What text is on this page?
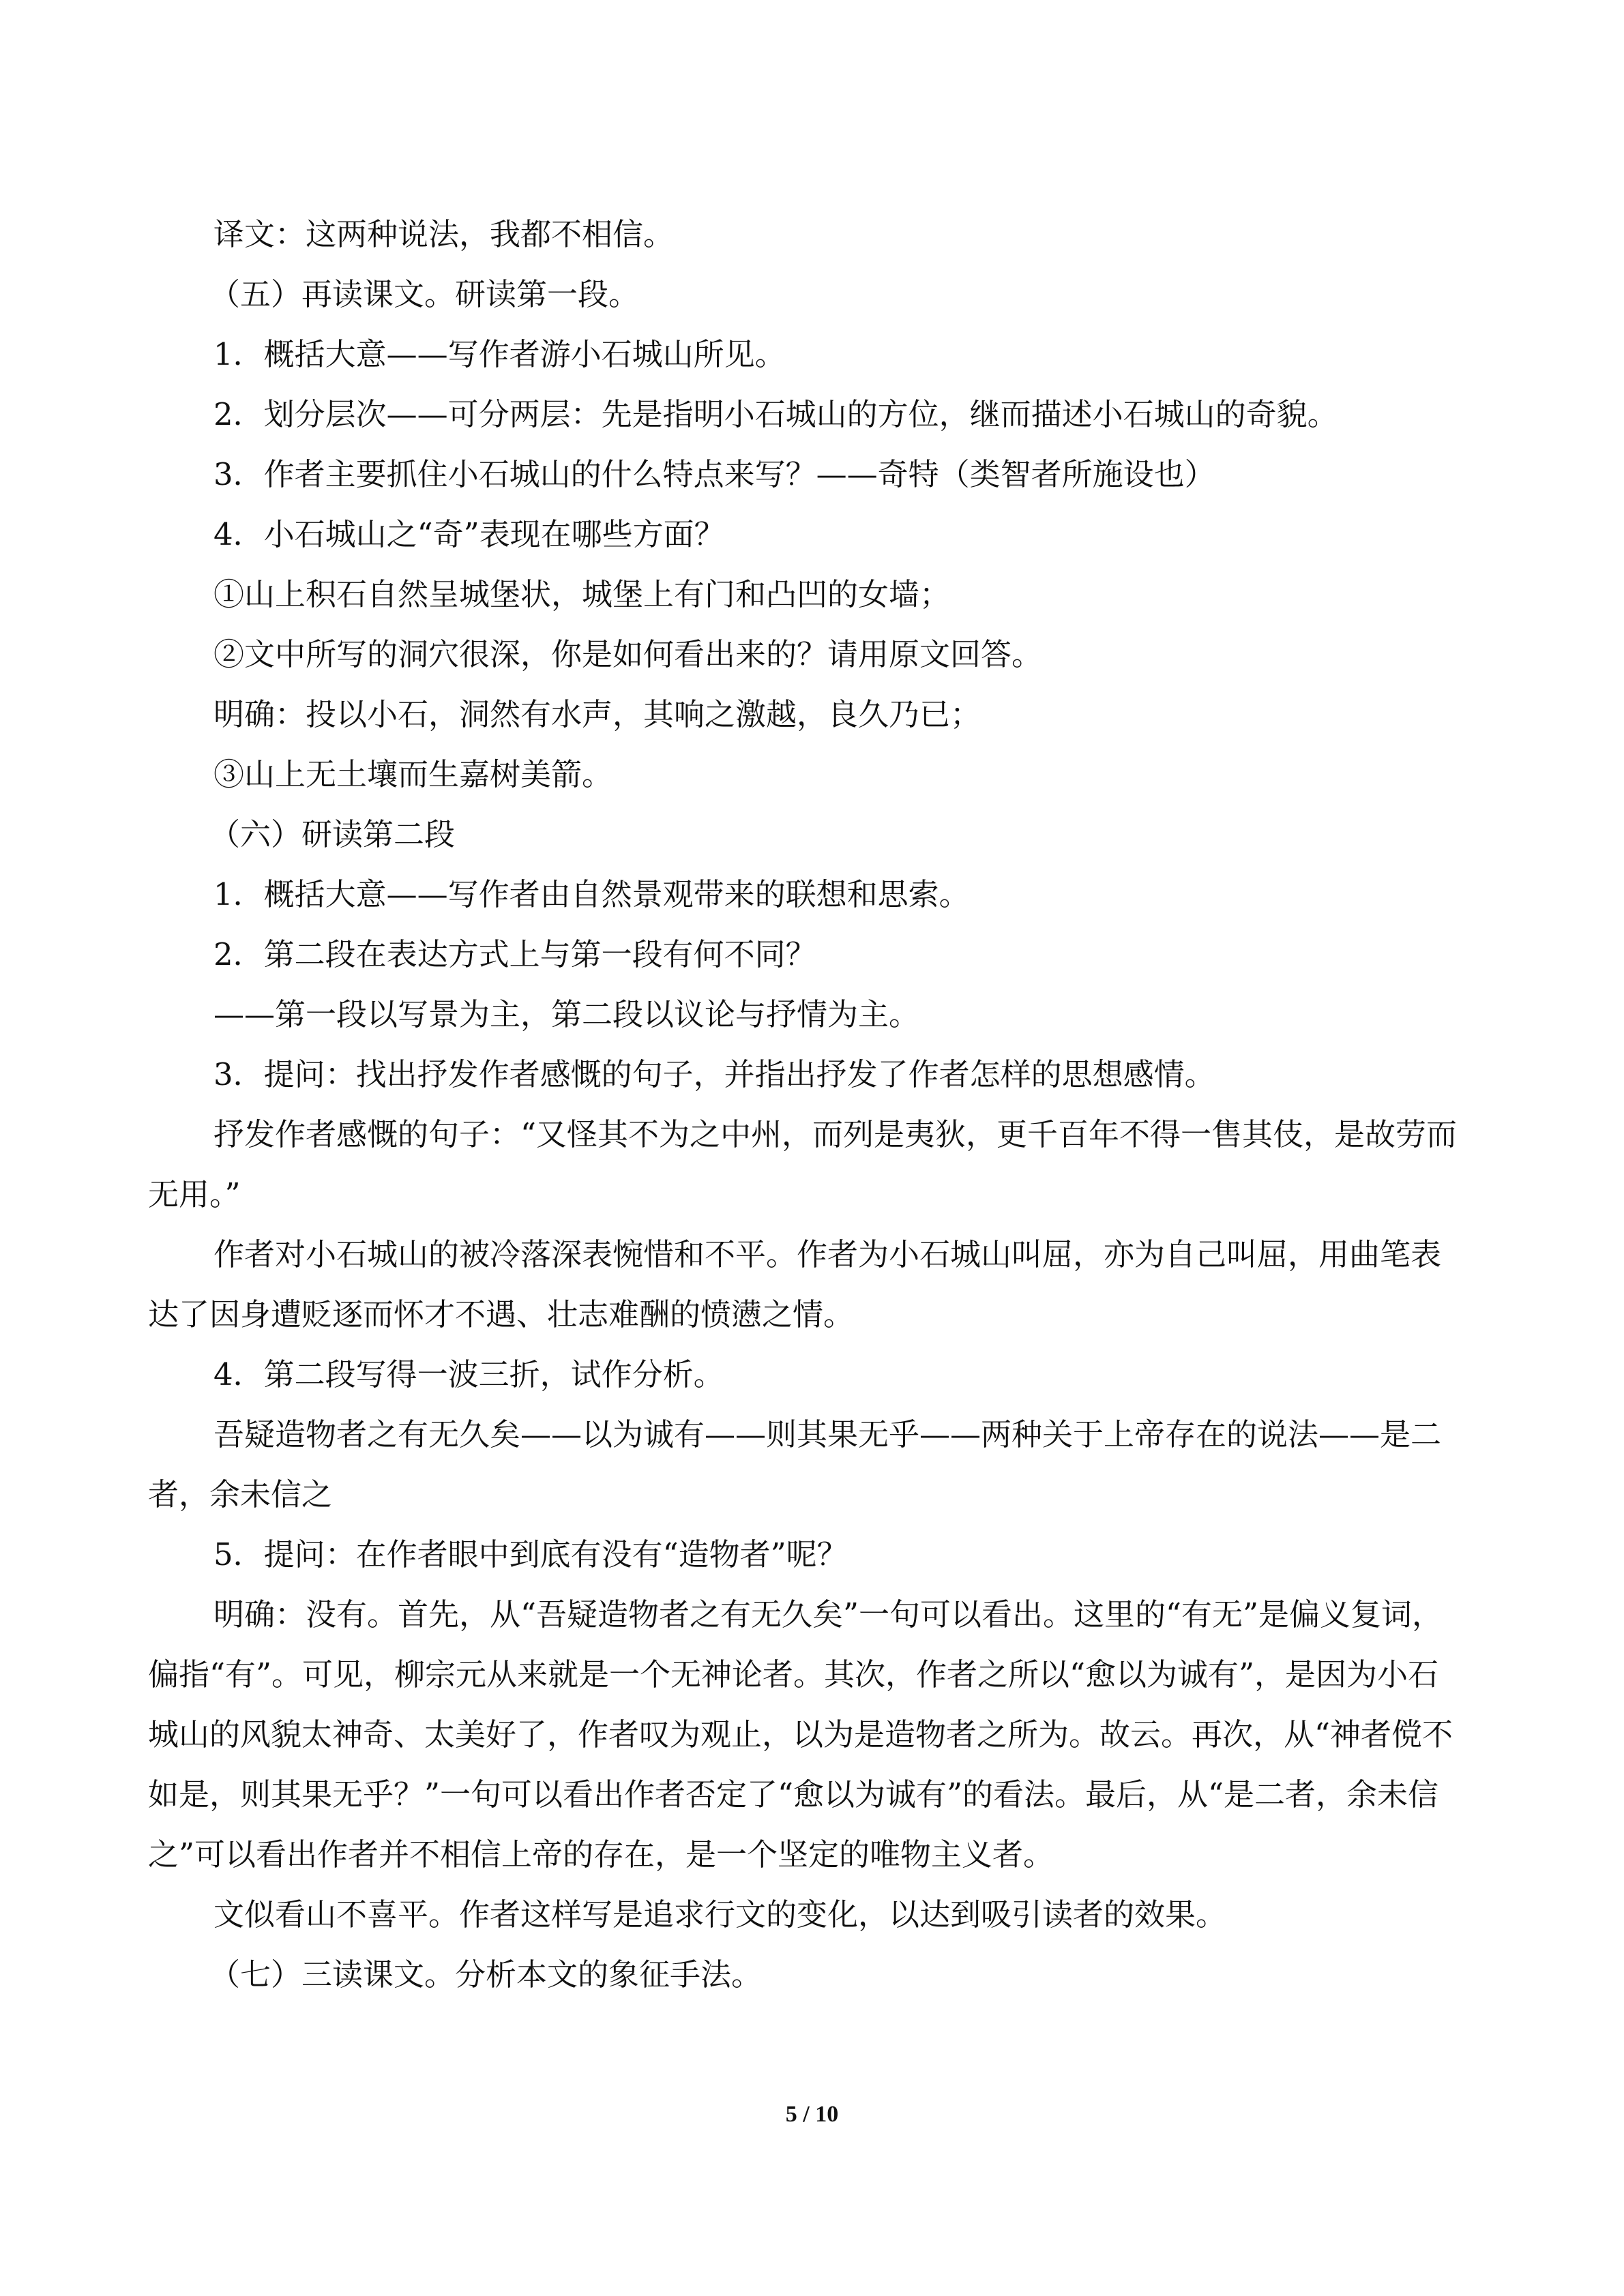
译文：这两种说法，我都不相信。

（五）再读课文。研读第一段。

1．概括大意——写作者游小石城山所见。

2．划分层次——可分两层：先是指明小石城山的方位，继而描述小石城山的奇貌。

3．作者主要抓住小石城山的什么特点来写？——奇特（类智者所施设也）

4．小石城山之“奇”表现在哪些方面？

①山上积石自然呈城堡状，城堡上有门和凸凹的女墙；

②文中所写的洞穴很深，你是如何看出来的？请用原文回答。

明确：投以小石，洞然有水声，其响之激越，良久乃已；

③山上无土壤而生嘉树美箭。

（六）研读第二段

1．概括大意——写作者由自然景观带来的联想和思索。

2．第二段在表达方式上与第一段有何不同？

——第一段以写景为主，第二段以议论与抒情为主。

3．提问：找出抒发作者感慨的句子，并指出抒发了作者怎样的思想感情。

抒发作者感慨的句子：“又怪其不为之中州，而列是夷狄，更千百年不得一售其伎，是故劳而无用。”

作者对小石城山的被冷落深表惋惜和不平。作者为小石城山叫屈，亦为自己叫屈，用曲笔表达了因身遭贬逐而怀才不遇、壮志难酬的愤懑之情。

4．第二段写得一波三折，试作分析。

吾疑造物者之有无久矣——以为诚有——则其果无乎——两种关于上帝存在的说法——是二者，余未信之

5．提问：在作者眼中到底有没有“造物者”呢？

明确：没有。首先，从“吾疑造物者之有无久矣”一句可以看出。这里的“有无”是偏义复词，偏指“有”。可见，柳宗元从来就是一个无神论者。其次，作者之所以“愈以为诚有”，是因为小石城山的风貌太神奇、太美好了，作者叹为观止，以为是造物者之所为。故云。再次，从“神者傥不如是，则其果无乎？”一句可以看出作者否定了“愈以为诚有”的看法。最后，从“是二者，余未信之”可以看出作者并不相信上帝的存在，是一个坚定的唯物主义者。

文似看山不喜平。作者这样写是追求行文的变化，以达到吸引读者的效果。

（七）三读课文。分析本文的象征手法。

5 / 10
